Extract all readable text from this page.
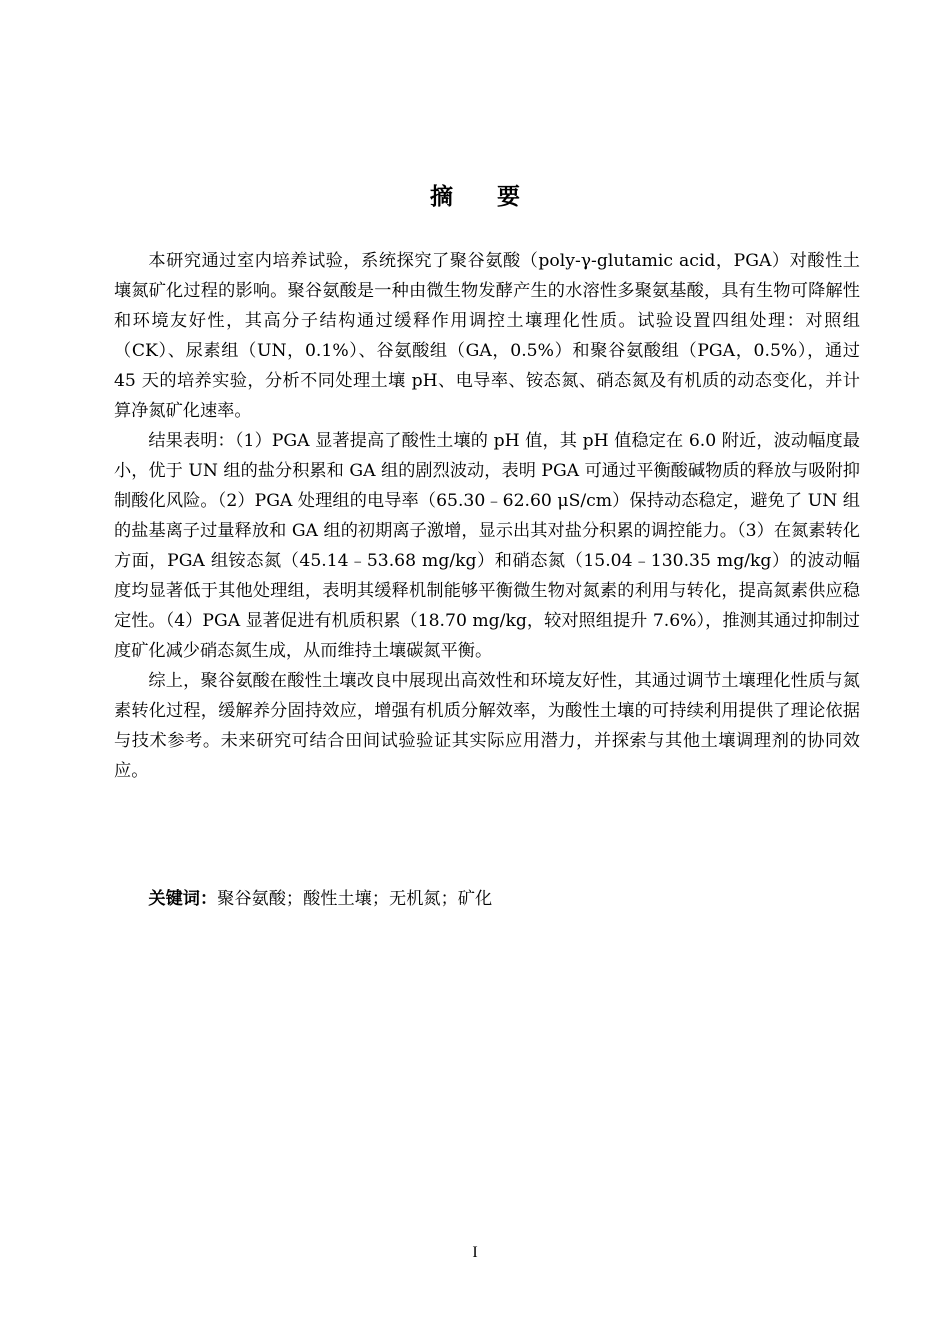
摘 要

本研究通过室内培养试验，系统探究了聚谷氨酸（poly-γ-glutamic acid，PGA）对酸性土壤氮矿化过程的影响。聚谷氨酸是一种由微生物发酵产生的水溶性多聚氨基酸，具有生物可降解性和环境友好性，其高分子结构通过缓释作用调控土壤理化性质。试验设置四组处理：对照组（CK）、尿素组（UN，0.1%）、谷氨酸组（GA，0.5%）和聚谷氨酸组（PGA，0.5%），通过 45 天的培养实验，分析不同处理土壤 pH、电导率、铵态氮、硝态氮及有机质的动态变化，并计算净氮矿化速率。

结果表明：（1）PGA 显著提高了酸性土壤的 pH 值，其 pH 值稳定在 6.0 附近，波动幅度最小，优于 UN 组的盐分积累和 GA 组的剧烈波动，表明 PGA 可通过平衡酸碱物质的释放与吸附抑制酸化风险。（2）PGA 处理组的电导率（65.30﹣62.60 μS/cm）保持动态稳定，避免了 UN 组的盐基离子过量释放和 GA 组的初期离子激增，显示出其对盐分积累的调控能力。（3）在氮素转化方面，PGA 组铵态氮（45.14﹣53.68 mg/kg）和硝态氮（15.04﹣130.35 mg/kg）的波动幅度均显著低于其他处理组，表明其缓释机制能够平衡微生物对氮素的利用与转化，提高氮素供应稳定性。（4）PGA 显著促进有机质积累（18.70 mg/kg，较对照组提升 7.6%），推测其通过抑制过度矿化减少硝态氮生成，从而维持土壤碳氮平衡。

综上，聚谷氨酸在酸性土壤改良中展现出高效性和环境友好性，其通过调节土壤理化性质与氮素转化过程，缓解养分固持效应，增强有机质分解效率，为酸性土壤的可持续利用提供了理论依据与技术参考。未来研究可结合田间试验验证其实际应用潜力，并探索与其他土壤调理剂的协同效应。

关键词：聚谷氨酸；酸性土壤；无机氮；矿化
I
